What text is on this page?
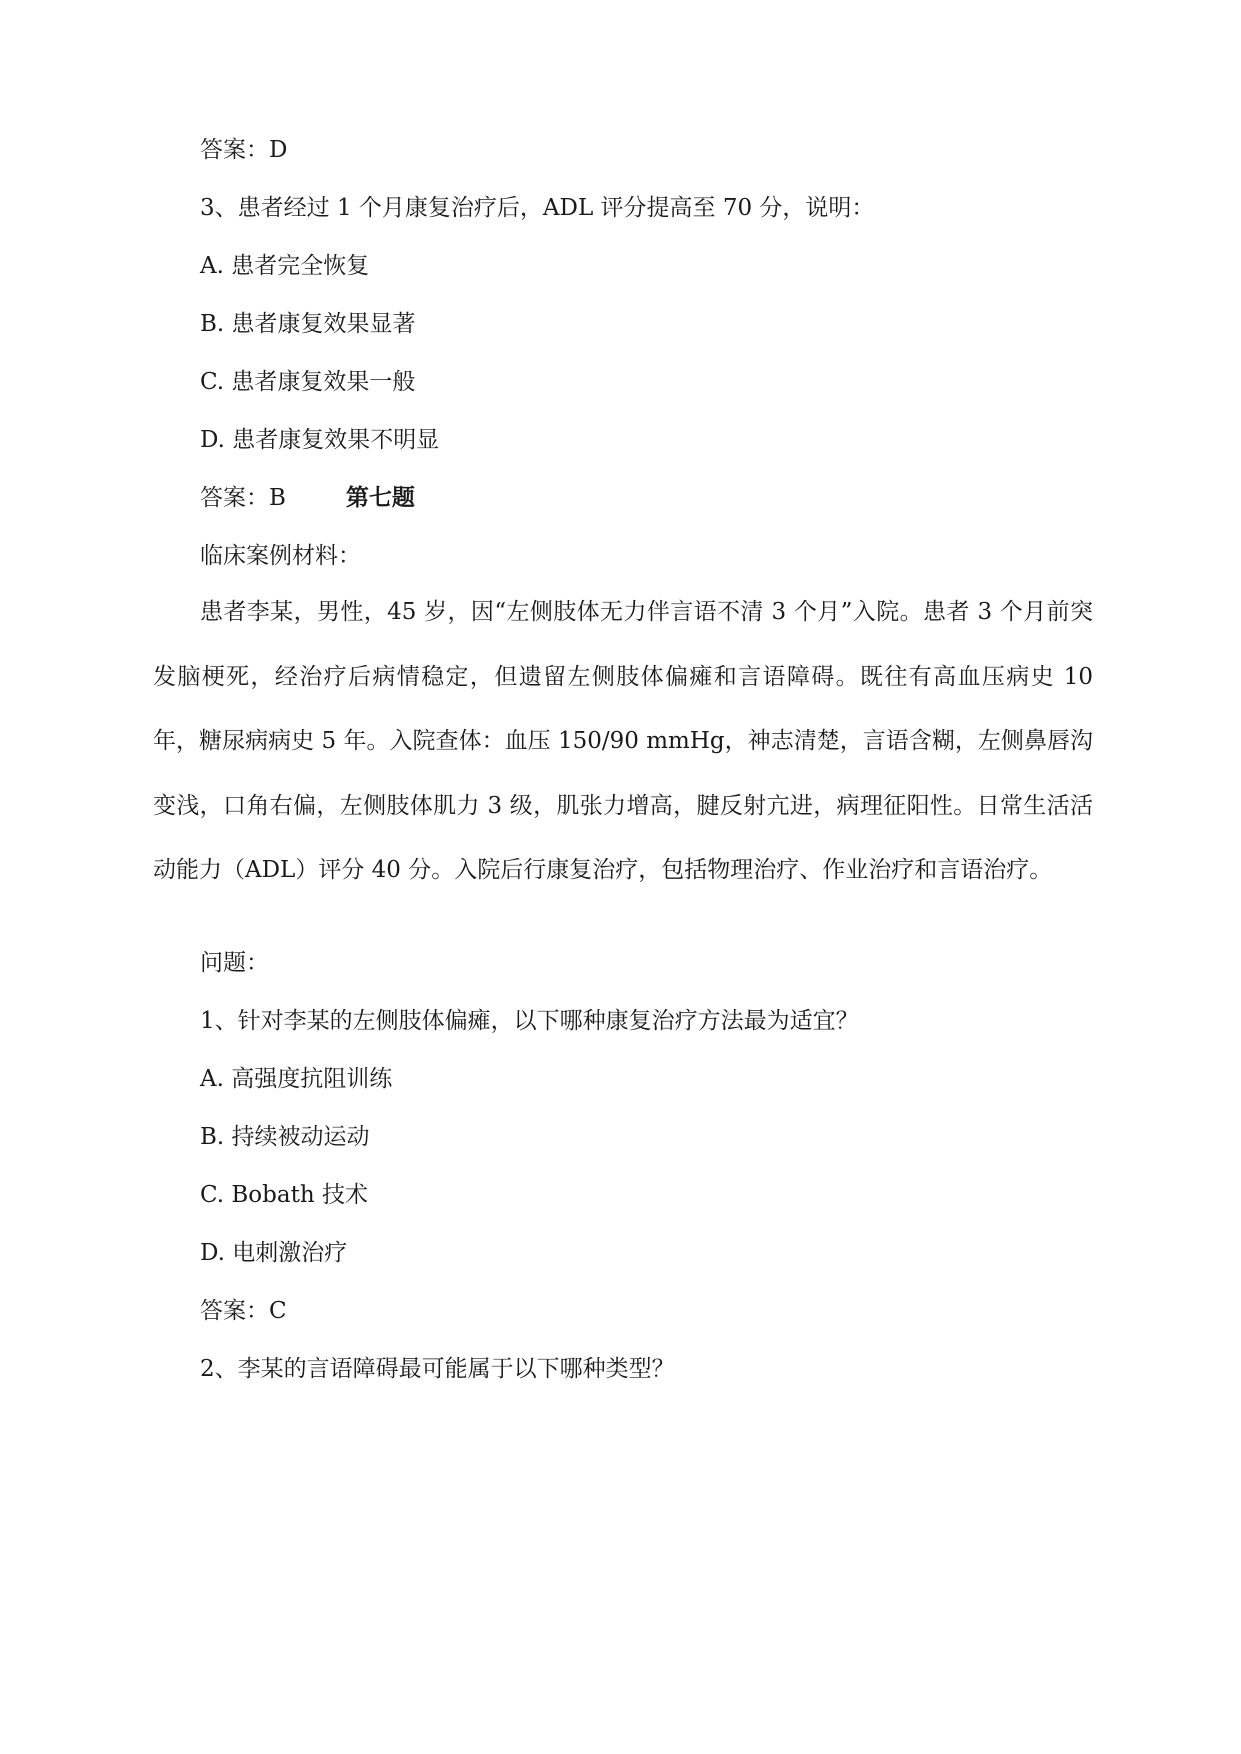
答案：D
3、患者经过 1 个月康复治疗后，ADL 评分提高至 70 分，说明：
A. 患者完全恢复
B. 患者康复效果显著
C. 患者康复效果一般
D. 患者康复效果不明显
答案：B	第七题
临床案例材料：
患者李某，男性，45 岁，因“左侧肢体无力伴言语不清 3 个月”入院。患者 3 个月前突发脑梗死，经治疗后病情稳定，但遗留左侧肢体偏瘫和言语障碍。既往有高血压病史 10 年，糖尿病病史 5 年。入院查体：血压 150/90 mmHg，神志清楚，言语含糊，左侧鼻唇沟变浅，口角右偏，左侧肢体肌力 3 级，肌张力增高，腱反射亢进，病理征阳性。日常生活活动能力（ADL）评分 40 分。入院后行康复治疗，包括物理治疗、作业治疗和言语治疗。
问题：
1、针对李某的左侧肢体偏瘫，以下哪种康复治疗方法最为适宜？
A. 高强度抗阻训练
B. 持续被动运动
C. Bobath 技术
D. 电刺激治疗
答案：C
2、李某的言语障碍最可能属于以下哪种类型？
